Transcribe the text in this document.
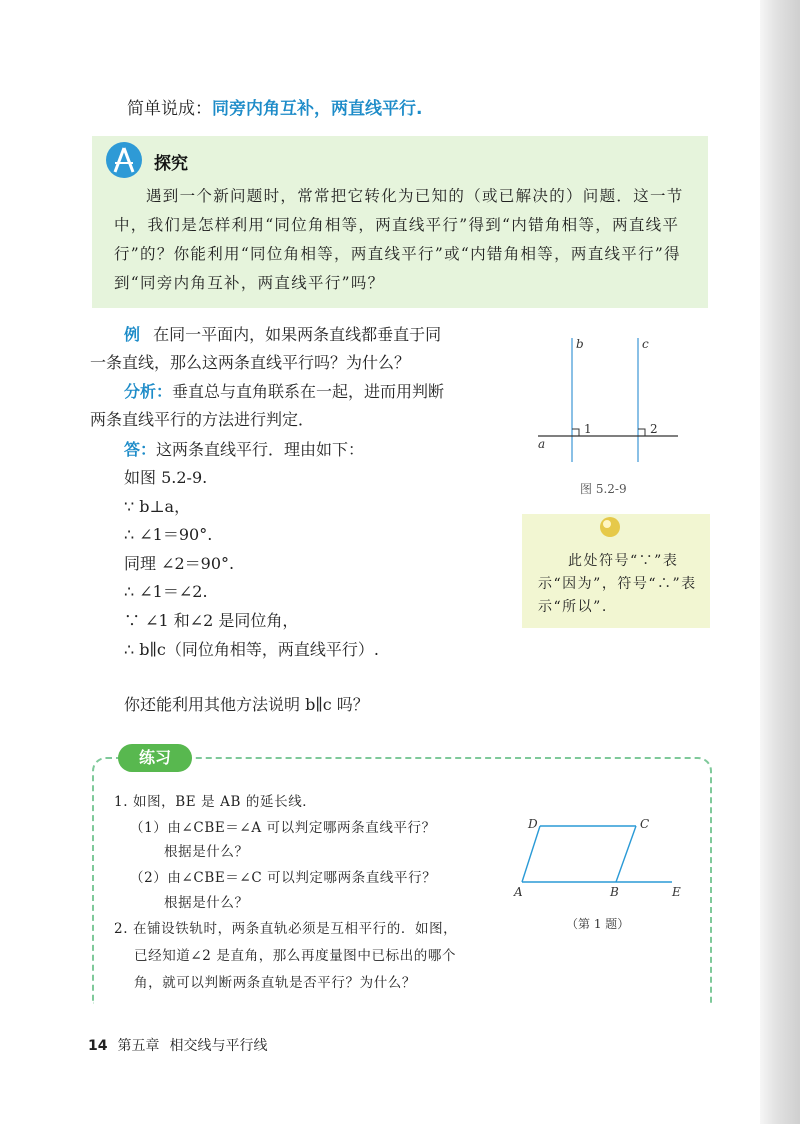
简单说成：同旁内角互补，两直线平行.
探究
遇到一个新问题时，常常把它转化为已知的（或已解决的）问题．这一节中，我们是怎样利用“同位角相等，两直线平行”得到“内错角相等，两直线平行”的？你能利用“同位角相等，两直线平行”或“内错角相等，两直线平行”得到“同旁内角互补，两直线平行”吗？
例 在同一平面内，如果两条直线都垂直于同
一条直线，那么这两条直线平行吗？为什么？
分析：垂直总与直角联系在一起，进而用判断
两条直线平行的方法进行判定．
答：这两条直线平行．理由如下：
如图 5.2-9.
∵ b⊥a，
∴ ∠1＝90°.
同理 ∠2＝90°.
∴ ∠1＝∠2.
∵ ∠1 和∠2 是同位角，
∴ b∥c（同位角相等，两直线平行）.
b	c
a
1	2
图 5.2-9
此处符号“∵”表示“因为”，符号“∴”表示“所以”.
你还能利用其他方法说明 b∥c 吗？
练习
1. 如图，BE 是 AB 的延长线．
（1）由∠CBE＝∠A 可以判定哪两条直线平行？
根据是什么？
（2）由∠CBE＝∠C 可以判定哪两条直线平行？
根据是什么？
2. 在铺设铁轨时，两条直轨必须是互相平行的．如图，
已经知道∠2 是直角，那么再度量图中已标出的哪个
角，就可以判断两条直轨是否平行？为什么？
D	C
A	B	E
（第 1 题）
14 第五章 相交线与平行线
